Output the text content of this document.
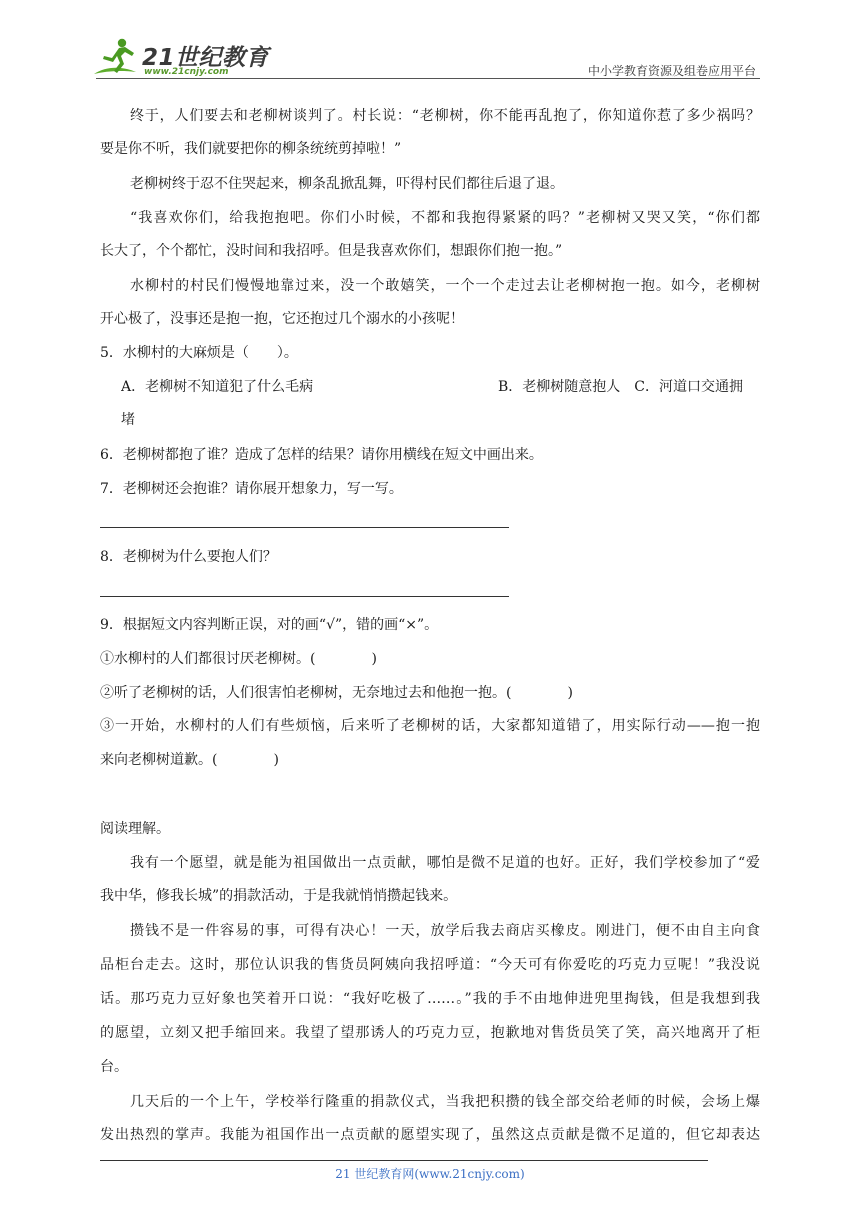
21世纪教育
www.21cnjy.com	中小学教育资源及组卷应用平台
终于，人们要去和老柳树谈判了。村长说：“老柳树，你不能再乱抱了，你知道你惹了多少祸吗？
要是你不听，我们就要把你的柳条统统剪掉啦！”
老柳树终于忍不住哭起来，柳条乱掀乱舞，吓得村民们都往后退了退。
“我喜欢你们，给我抱抱吧。你们小时候，不都和我抱得紧紧的吗？”老柳树又哭又笑，“你们都
长大了，个个都忙，没时间和我招呼。但是我喜欢你们，想跟你们抱一抱。”
水柳村的村民们慢慢地靠过来，没一个敢嬉笑，一个一个走过去让老柳树抱一抱。如今，老柳树
开心极了，没事还是抱一抱，它还抱过几个溺水的小孩呢！
5．水柳村的大麻烦是（　　）。
A．老柳树不知道犯了什么毛病	B．老柳树随意抱人　C．河道口交通拥
堵
6．老柳树都抱了谁？造成了怎样的结果？请你用横线在短文中画出来。
7．老柳树还会抱谁？请你展开想象力，写一写。
8．老柳树为什么要抱人们？
9．根据短文内容判断正误，对的画“√”，错的画“×”。
①水柳村的人们都很讨厌老柳树。(	)
②听了老柳树的话，人们很害怕老柳树，无奈地过去和他抱一抱。(	)
③一开始，水柳村的人们有些烦恼，后来听了老柳树的话，大家都知道错了，用实际行动——抱一抱
来向老柳树道歉。(	)
阅读理解。
我有一个愿望，就是能为祖国做出一点贡献，哪怕是微不足道的也好。正好，我们学校参加了“爱
我中华，修我长城”的捐款活动，于是我就悄悄攒起钱来。
攒钱不是一件容易的事，可得有决心！一天，放学后我去商店买橡皮。刚进门，便不由自主向食
品柜台走去。这时，那位认识我的售货员阿姨向我招呼道：“今天可有你爱吃的巧克力豆呢！”我没说
话。那巧克力豆好象也笑着开口说：“我好吃极了……。”我的手不由地伸进兜里掏钱，但是我想到我
的愿望，立刻又把手缩回来。我望了望那诱人的巧克力豆，抱歉地对售货员笑了笑，高兴地离开了柜
台。
几天后的一个上午，学校举行隆重的捐款仪式，当我把积攒的钱全部交给老师的时候，会场上爆
发出热烈的掌声。我能为祖国作出一点贡献的愿望实现了，虽然这点贡献是微不足道的，但它却表达
21 世纪教育网(www.21cnjy.com)
